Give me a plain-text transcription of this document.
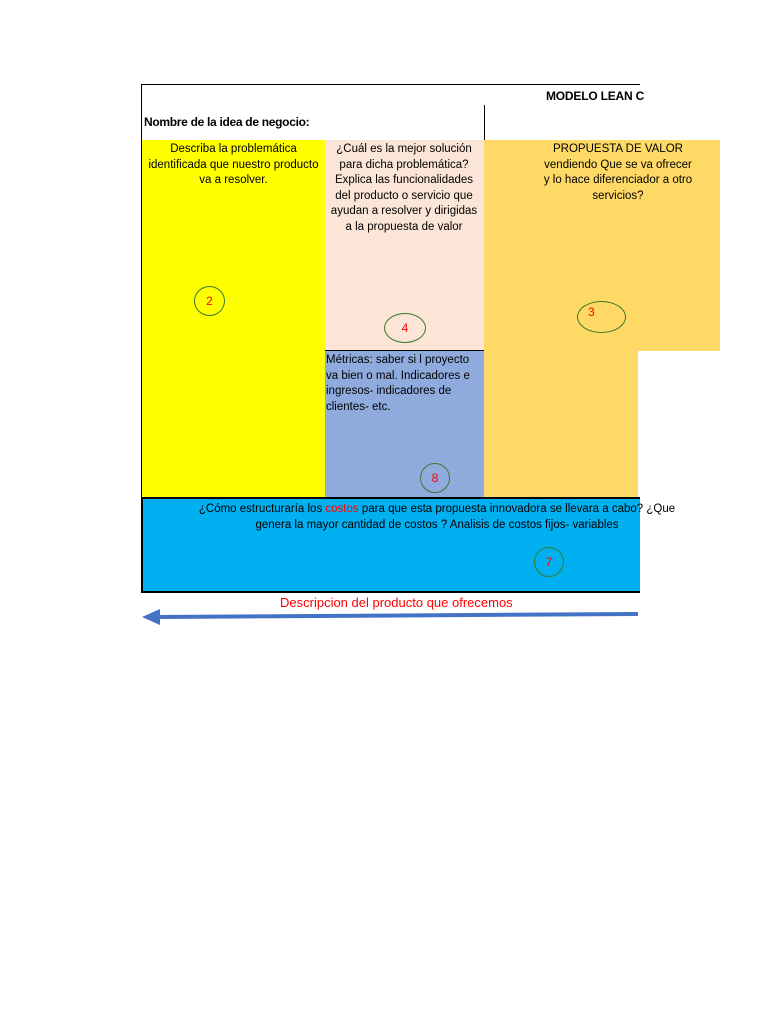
MODELO LEAN C
Nombre de la idea de negocio:
Describa la problemática
identificada que nuestro producto
va a resolver.
2
¿Cuál es la mejor solución
para dicha problemática?
Explica las funcionalidades
del producto o servicio que
ayudan a resolver y dirigidas
a la propuesta de valor
4
Métricas: saber si l proyecto
va bien o mal. Indicadores e
ingresos- indicadores de
clientes- etc.
8
PROPUESTA DE VALOR
vendiendo Que se va ofrecer
y lo hace diferenciador a otro
servicios?
3
¿Cómo estructuraría los costos para que esta propuesta innovadora se llevara a cabo? ¿Que
genera la mayor cantidad de costos ? Analisis de costos fijos- variables
7
Descripcion del producto que ofrecemos
